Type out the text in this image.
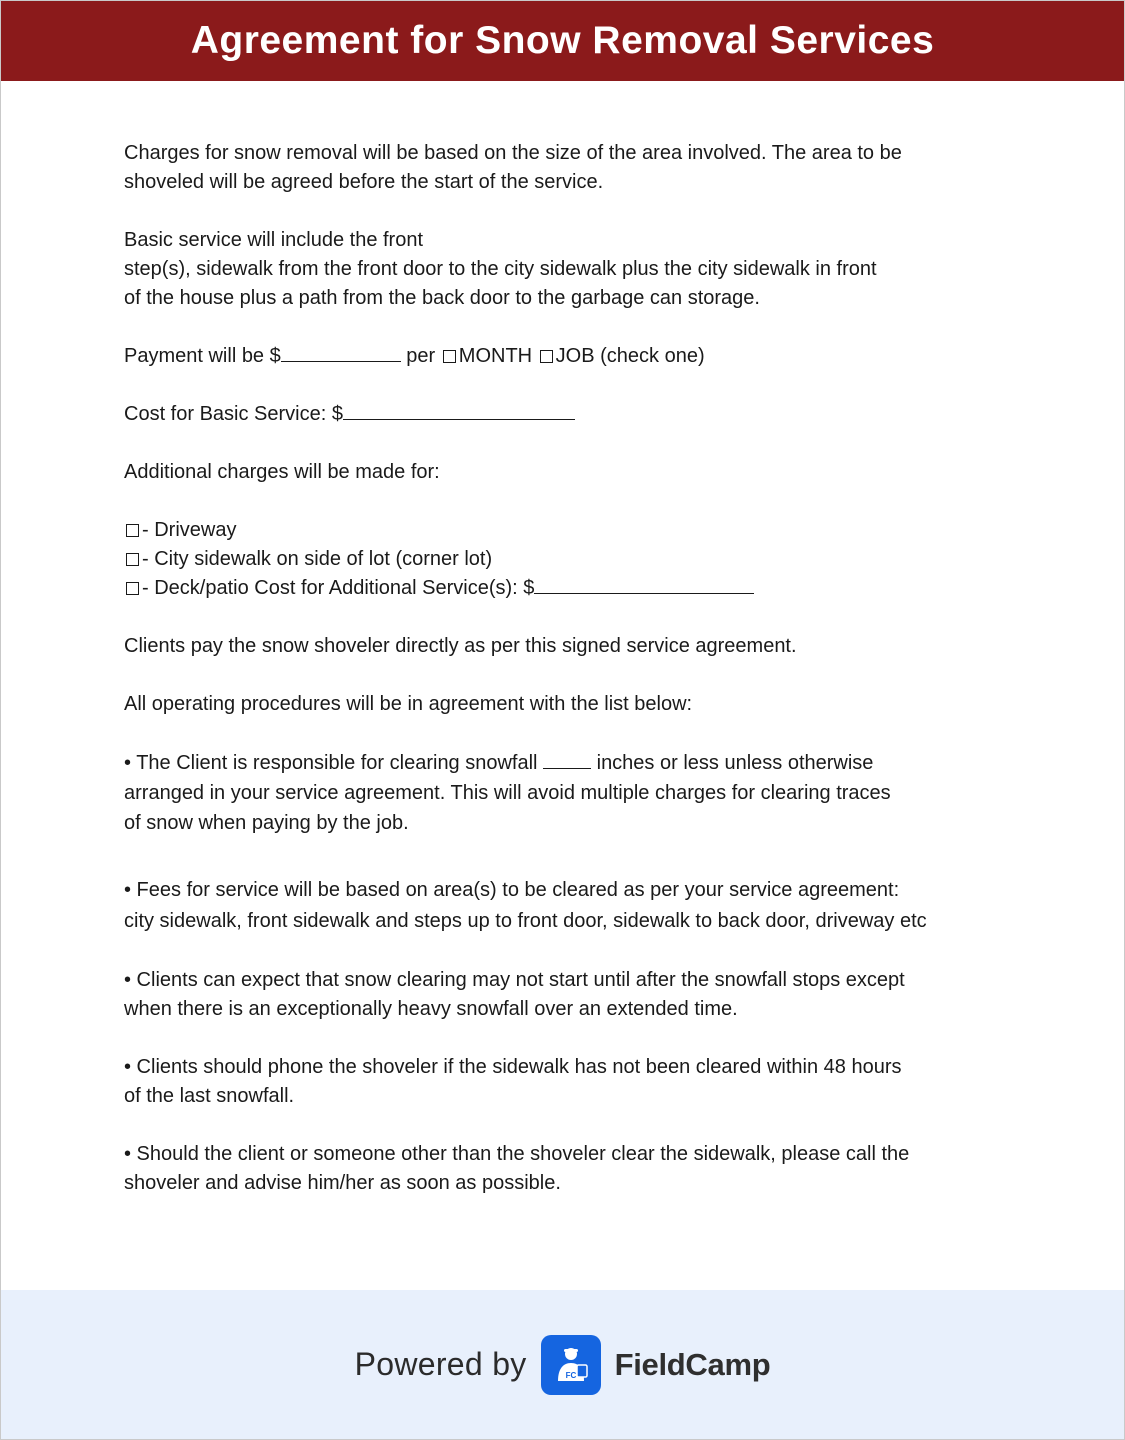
Agreement for Snow Removal Services

Charges for snow removal will be based on the size of the area involved. The area to be
shoveled will be agreed before the start of the service.

Basic service will include the front
step(s), sidewalk from the front door to the city sidewalk plus the city sidewalk in front
of the house plus a path from the back door to the garbage can storage.

Payment will be $	per MONTH JOB (check one)

Cost for Basic Service: $

Additional charges will be made for:

- Driveway
- City sidewalk on side of lot (corner lot)
- Deck/patio Cost for Additional Service(s): $

Clients pay the snow shoveler directly as per this signed service agreement.

All operating procedures will be in agreement with the list below:

• The Client is responsible for clearing snowfall  inches or less unless otherwise
arranged in your service agreement. This will avoid multiple charges for clearing traces
of snow when paying by the job.

• Fees for service will be based on area(s) to be cleared as per your service agreement:
city sidewalk, front sidewalk and steps up to front door, sidewalk to back door, driveway etc

• Clients can expect that snow clearing may not start until after the snowfall stops except
when there is an exceptionally heavy snowfall over an extended time.

• Clients should phone the shoveler if the sidewalk has not been cleared within 48 hours
of the last snowfall.

• Should the client or someone other than the shoveler clear the sidewalk, please call the
shoveler and advise him/her as soon as possible.

Powered by	FC FieldCamp
